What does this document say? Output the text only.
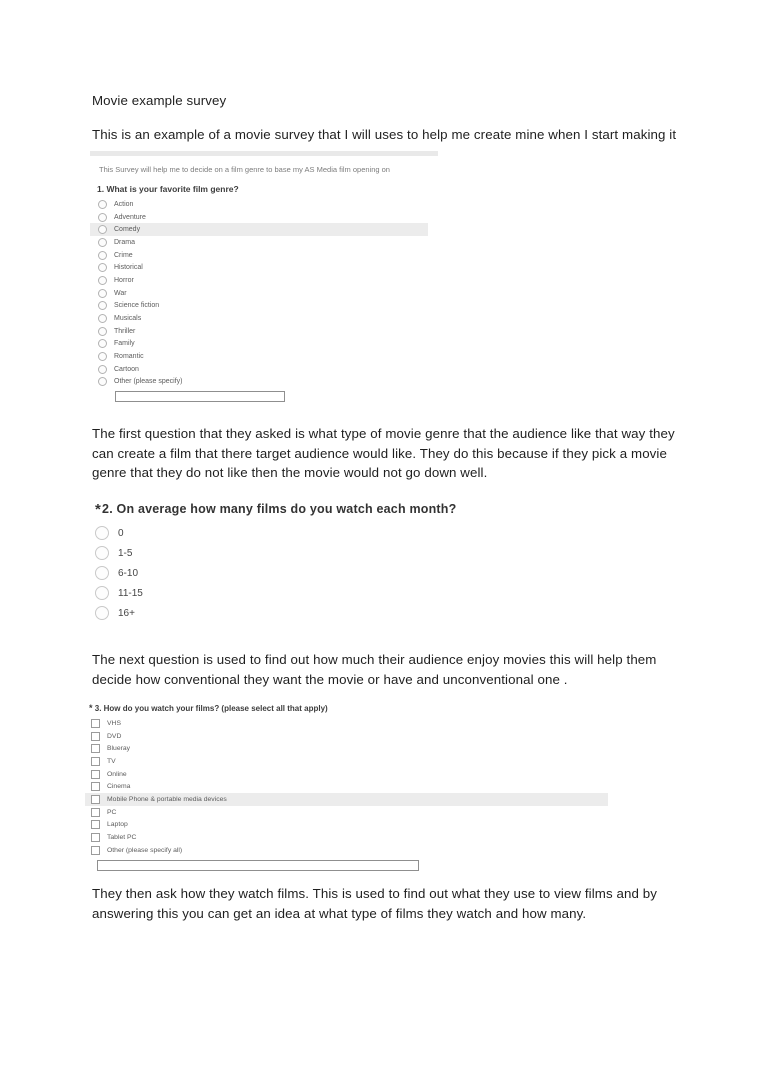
Movie example survey
This is an example of a movie survey that I will uses to help me create mine when I start making it
This Survey will help me to decide on a film genre to base my AS Media film opening on
1. What is your favorite film genre?
Action
Adventure
Comedy
Drama
Crime
Historical
Horror
War
Science fiction
Musicals
Thriller
Family
Romantic
Cartoon
Other (please specify)
The first question that they asked is what type of movie genre that the audience like that way they can create a film that there target audience would like. They do this because if they pick a movie genre that they do not like then the movie would not go down well.
*2. On average how many films do you watch each month?
0
1-5
6-10
11-15
16+
The next question is used to find out how much their audience enjoy movies this will help them decide how conventional they want the movie or have and unconventional one .
* 3. How do you watch your films? (please select all that apply)
VHS
DVD
Blueray
TV
Online
Cinema
Mobile Phone & portable media devices
PC
Laptop
Tablet PC
Other (please specify all)
They then ask how they watch films. This is used to find out what they use to view films and by answering this you can get an idea at what type of films they watch and how many.
